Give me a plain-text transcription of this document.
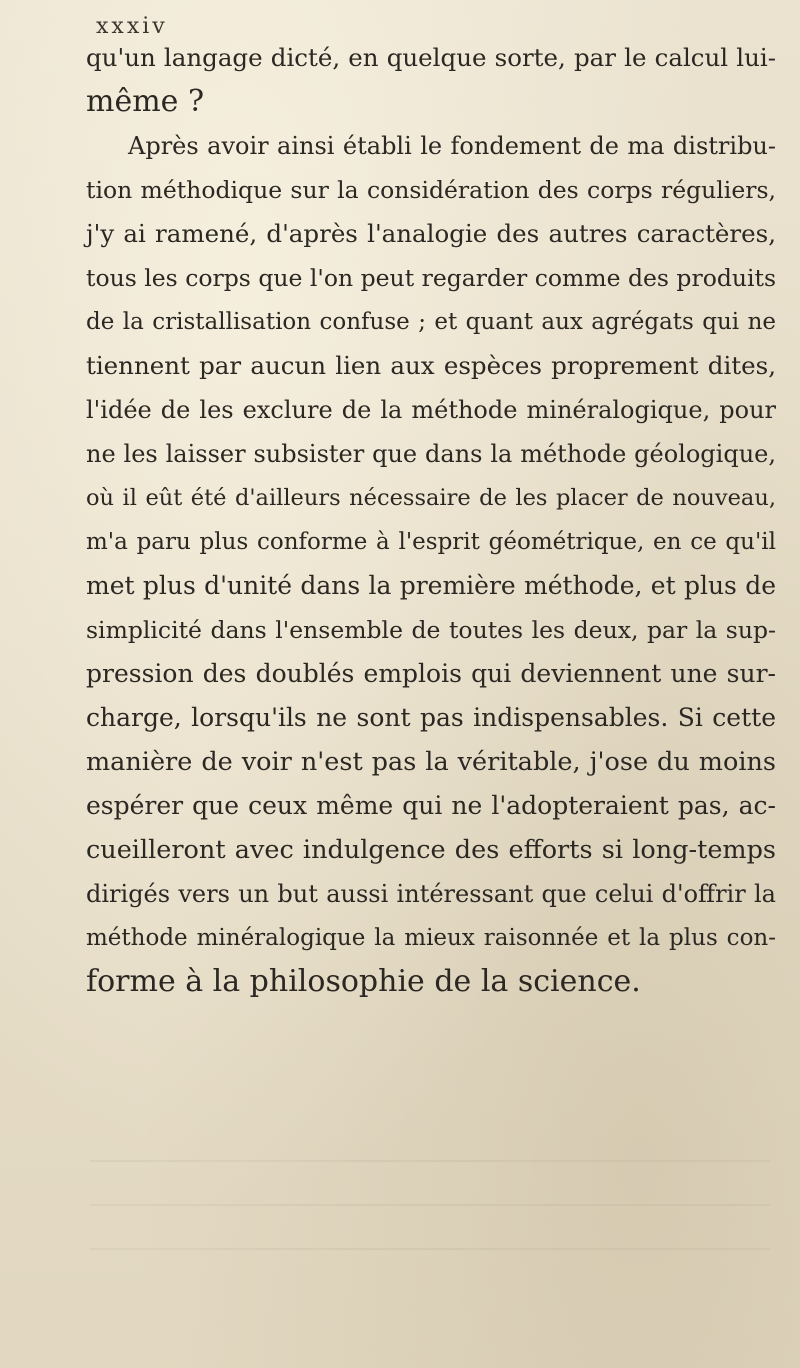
xxxiv
qu'un langage dicté, en quelque sorte, par le calcul lui-
même ?
Après avoir ainsi établi le fondement de ma distribu-
tion méthodique sur la considération des corps réguliers,
j'y ai ramené, d'après l'analogie des autres caractères,
tous les corps que l'on peut regarder comme des produits
de la cristallisation confuse ; et quant aux agrégats qui ne
tiennent par aucun lien aux espèces proprement dites,
l'idée de les exclure de la méthode minéralogique, pour
ne les laisser subsister que dans la méthode géologique,
où il eût été d'ailleurs nécessaire de les placer de nouveau,
m'a paru plus conforme à l'esprit géométrique, en ce qu'il
met plus d'unité dans la première méthode, et plus de
simplicité dans l'ensemble de toutes les deux, par la sup-
pression des doublés emplois qui deviennent une sur-
charge, lorsqu'ils ne sont pas indispensables. Si cette
manière de voir n'est pas la véritable, j'ose du moins
espérer que ceux même qui ne l'adopteraient pas, ac-
cueilleront avec indulgence des efforts si long-temps
dirigés vers un but aussi intéressant que celui d'offrir la
méthode minéralogique la mieux raisonnée et la plus con-
forme à la philosophie de la science.
